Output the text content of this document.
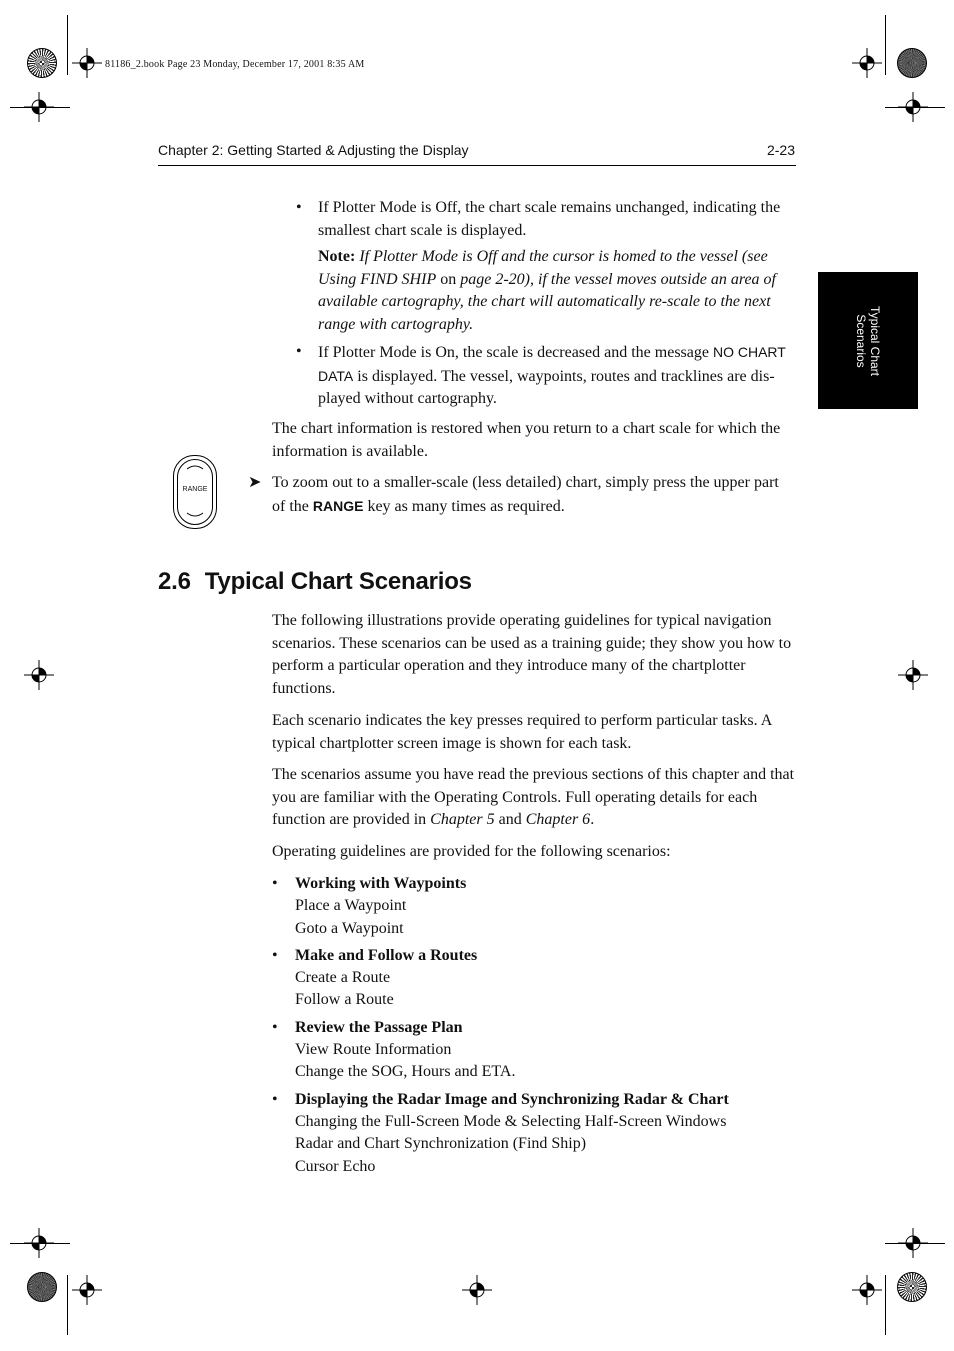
81186_2.book Page 23 Monday, December 17, 2001 8:35 AM
Chapter 2: Getting Started & Adjusting the Display	2-23
Typical Chart
Scenarios
• If Plotter Mode is Off, the chart scale remains unchanged, indicating the smallest chart scale is displayed.

Note: If Plotter Mode is Off and the cursor is homed to the vessel (see Using FIND SHIP on page 2-20), if the vessel moves outside an area of available cartography, the chart will automatically re-scale to the next range with cartography.
• If Plotter Mode is On, the scale is decreased and the message NO CHART DATA is displayed. The vessel, waypoints, routes and tracklines are dis-played without cartography.

The chart information is restored when you return to a chart scale for which the information is available.

RANGE	➤ To zoom out to a smaller-scale (less detailed) chart, simply press the upper part of the RANGE key as many times as required.

2.6 Typical Chart Scenarios

The following illustrations provide operating guidelines for typical navigation scenarios. These scenarios can be used as a training guide; they show you how to perform a particular operation and they introduce many of the chartplotter functions.

Each scenario indicates the key presses required to perform particular tasks. A typical chartplotter screen image is shown for each task.

The scenarios assume you have read the previous sections of this chapter and that you are familiar with the Operating Controls. Full operating details for each function are provided in Chapter 5 and Chapter 6.

Operating guidelines are provided for the following scenarios:

• Working with Waypoints
Place a Waypoint
Goto a Waypoint
• Make and Follow a Routes
Create a Route
Follow a Route
• Review the Passage Plan
View Route Information
Change the SOG, Hours and ETA.
• Displaying the Radar Image and Synchronizing Radar & Chart
Changing the Full-Screen Mode & Selecting Half-Screen Windows
Radar and Chart Synchronization (Find Ship)
Cursor Echo
